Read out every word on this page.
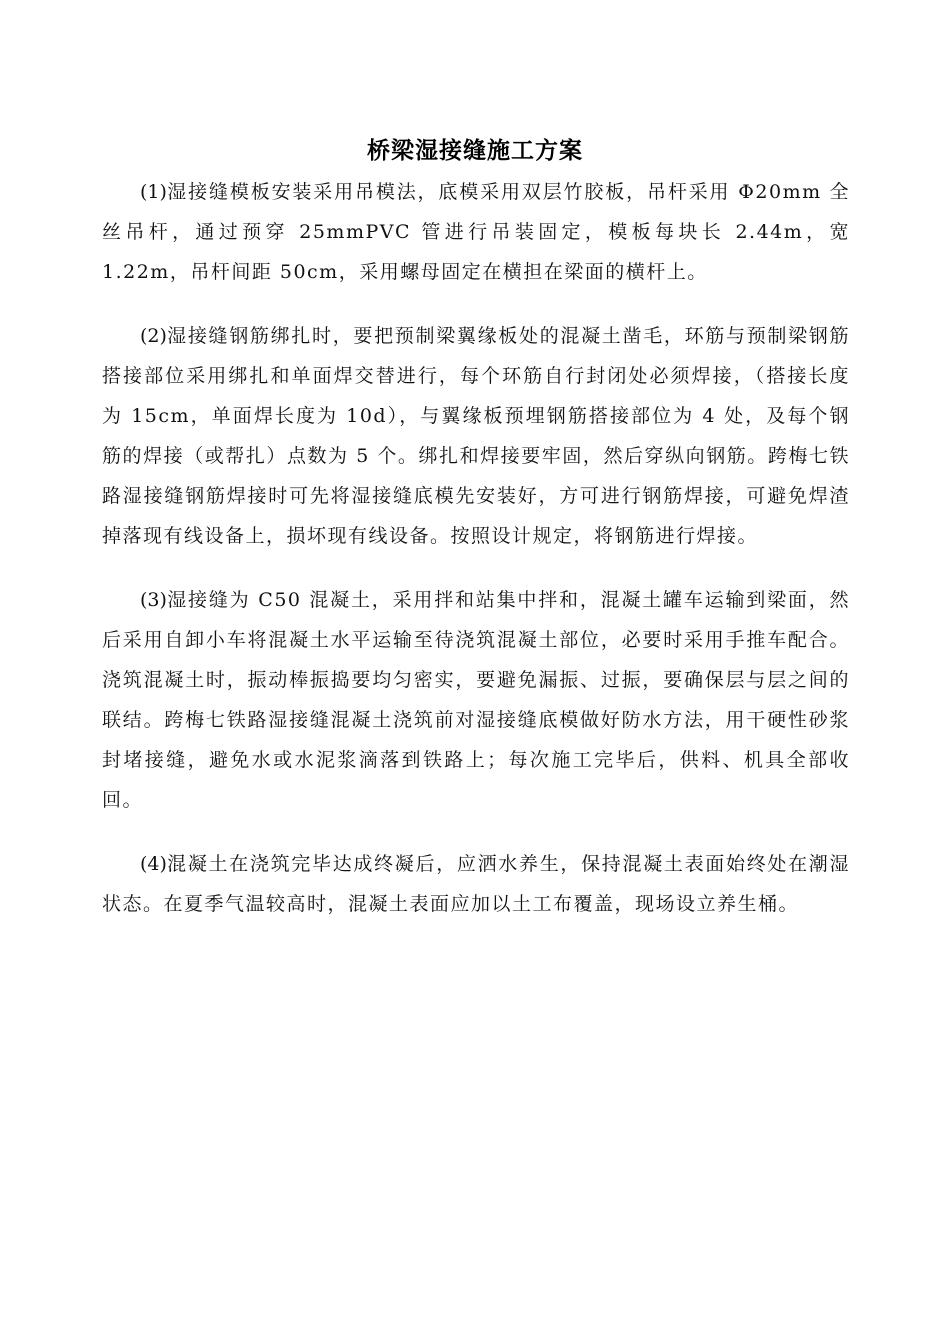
桥梁湿接缝施工方案

(1)湿接缝模板安装采用吊模法，底模采用双层竹胶板，吊杆采用 Φ20mm 全丝吊杆，通过预穿 25mmPVC 管进行吊装固定，模板每块长 2.44m，宽 1.22m，吊杆间距 50cm，采用螺母固定在横担在梁面的横杆上。

(2)湿接缝钢筋绑扎时，要把预制梁翼缘板处的混凝土凿毛，环筋与预制梁钢筋搭接部位采用绑扎和单面焊交替进行，每个环筋自行封闭处必须焊接，（搭接长度为 15cm，单面焊长度为 10d），与翼缘板预埋钢筋搭接部位为 4 处，及每个钢筋的焊接（或帮扎）点数为 5 个。绑扎和焊接要牢固，然后穿纵向钢筋。跨梅七铁路湿接缝钢筋焊接时可先将湿接缝底模先安装好，方可进行钢筋焊接，可避免焊渣掉落现有线设备上，损坏现有线设备。按照设计规定，将钢筋进行焊接。

(3)湿接缝为 C50 混凝土，采用拌和站集中拌和，混凝土罐车运输到梁面，然后采用自卸小车将混凝土水平运输至待浇筑混凝土部位，必要时采用手推车配合。浇筑混凝土时，振动棒振捣要均匀密实，要避免漏振、过振，要确保层与层之间的联结。跨梅七铁路湿接缝混凝土浇筑前对湿接缝底模做好防水方法，用干硬性砂浆封堵接缝，避免水或水泥浆滴落到铁路上；每次施工完毕后，供料、机具全部收回。

(4)混凝土在浇筑完毕达成终凝后，应洒水养生，保持混凝土表面始终处在潮湿状态。在夏季气温较高时，混凝土表面应加以土工布覆盖，现场设立养生桶。
